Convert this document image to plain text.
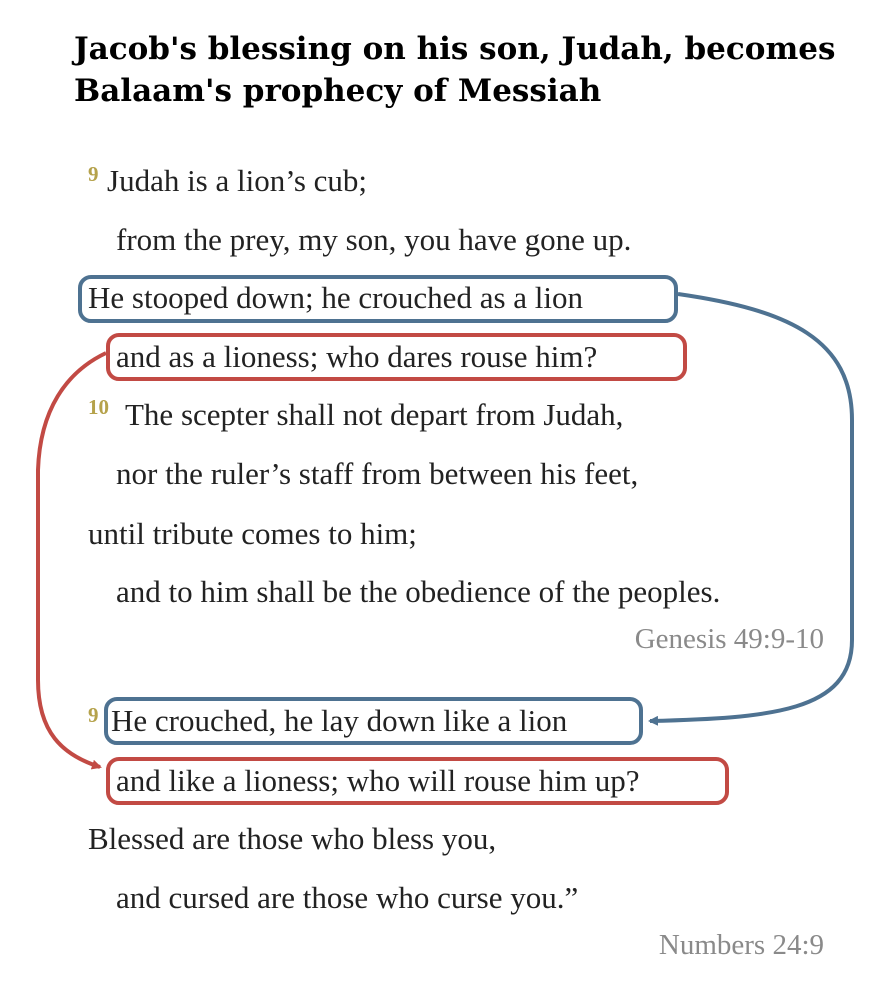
Jacob's blessing on his son, Judah, becomes Balaam's prophecy of Messiah
9 Judah is a lion’s cub;
from the prey, my son, you have gone up.
He stooped down; he crouched as a lion
and as a lioness; who dares rouse him?
10 The scepter shall not depart from Judah,
nor the ruler’s staff from between his feet,
until tribute comes to him;
and to him shall be the obedience of the peoples.
Genesis 49:9-10
9 He crouched, he lay down like a lion
and like a lioness; who will rouse him up?
Blessed are those who bless you,
and cursed are those who curse you.”
Numbers 24:9
